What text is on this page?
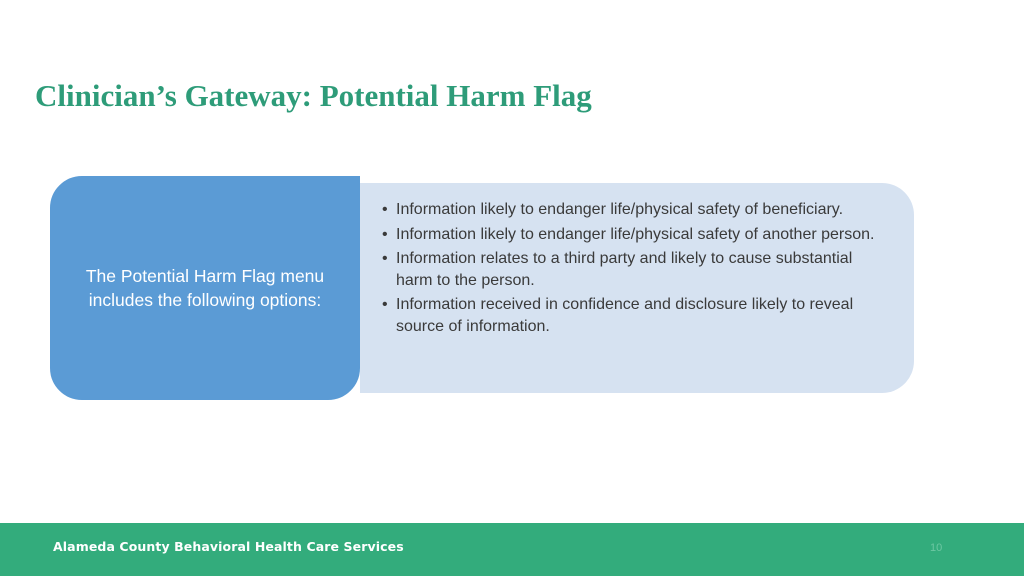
Clinician’s Gateway: Potential Harm Flag
The Potential Harm Flag menu
includes the following options:
• Information likely to endanger life/physical safety of beneficiary.
• Information likely to endanger life/physical safety of another person.
• Information relates to a third party and likely to cause substantial harm to the person.
• Information received in confidence and disclosure likely to reveal source of information.
Alameda County Behavioral Health Care Services	10
